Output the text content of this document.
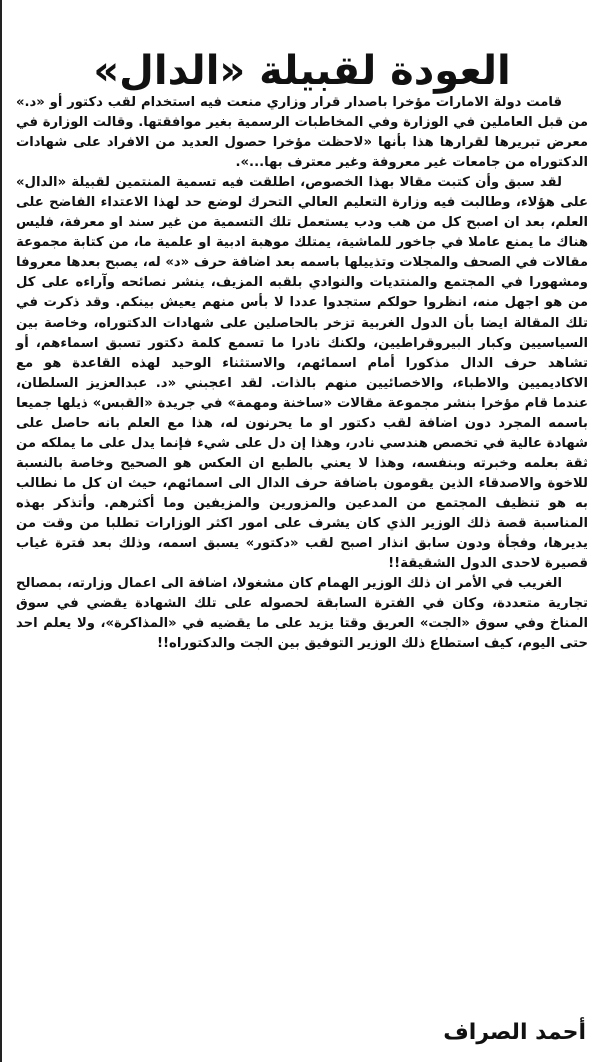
العودة لقبيلة «الدال»

قامت دولة الامارات مؤخرا باصدار قرار وزاري منعت فيه استخدام لقب دكتور أو «د.» من قبل العاملين في الوزارة وفي المخاطبات الرسمية بغير موافقتها. وقالت الوزارة في معرض تبريرها لقرارها هذا بأنها «لاحظت مؤخرا حصول العديد من الافراد على شهادات الدكتوراه من جامعات غير معروفة وغير معترف بها...».

لقد سبق وأن كتبت مقالا بهذا الخصوص، اطلقت فيه تسمية المنتمين لقبيلة «الدال» على هؤلاء، وطالبت فيه وزارة التعليم العالي التحرك لوضع حد لهذا الاعتداء الفاضح على العلم، بعد ان اصبح كل من هب ودب يستعمل تلك التسمية من غير سند او معرفة، فليس هناك ما يمنع عاملا في جاخور للماشية، يمتلك موهبة ادبية او علمية ما، من كتابة مجموعة مقالات في الصحف والمجلات وتذييلها باسمه بعد اضافة حرف «د» له، يصبح بعدها معروفا ومشهورا في المجتمع والمنتديات والنوادي بلقبه المزيف، ينشر نصائحه وآراءه على كل من هو اجهل منه، انظروا حولكم ستجدوا عددا لا بأس منهم يعيش بينكم. وقد ذكرت في تلك المقالة ايضا بأن الدول الغربية تزخر بالحاصلين على شهادات الدكتوراه، وخاصة بين السياسيين وكبار البيروقراطيين، ولكنك نادرا ما تسمع كلمة دكتور تسبق اسماءهم، أو تشاهد حرف الدال مذكورا أمام اسمائهم، والاستثناء الوحيد لهذه القاعدة هو مع الاكاديميين والاطباء، والاخصائيين منهم بالذات. لقد اعجبني «د. عبدالعزيز السلطان، عندما قام مؤخرا بنشر مجموعة مقالات «ساخنة ومهمة» في جريدة «القبس» ذيلها جميعا باسمه المجرد دون اضافة لقب دكتور او ما يحرنون له، هذا مع العلم بانه حاصل على شهادة عالية في تخصص هندسي نادر، وهذا إن دل على شيء فإنما يدل على ما يملكه من ثقة بعلمه وخبرته وبنفسه، وهذا لا يعني بالطبع ان العكس هو الصحيح وخاصة بالنسبة للاخوة والاصدقاء الذين يقومون باضافة حرف الدال الى اسمائهم، حيث ان كل ما نطالب به هو تنظيف المجتمع من المدعين والمزورين والمزيفين وما أكثرهم. وأتذكر بهذه المناسبة قصة ذلك الوزير الذي كان يشرف على امور اكثر الوزارات تطلبا من وقت من يديرها، وفجأة ودون سابق انذار اصبح لقب «دكتور» يسبق اسمه، وذلك بعد فترة غياب قصيرة لاحدى الدول الشقيقة!!

الغريب في الأمر ان ذلك الوزير الهمام كان مشغولا، اضافة الى اعمال وزارته، بمصالح تجارية متعددة، وكان في الفترة السابقة لحصوله على تلك الشهادة يقضي في سوق المناخ وفي سوق «الجت» العريق وقتا يزيد على ما يقضيه في «المذاكرة»، ولا يعلم احد حتى اليوم، كيف استطاع ذلك الوزير التوفيق بين الجت والدكتوراه!!

أحمد الصراف
